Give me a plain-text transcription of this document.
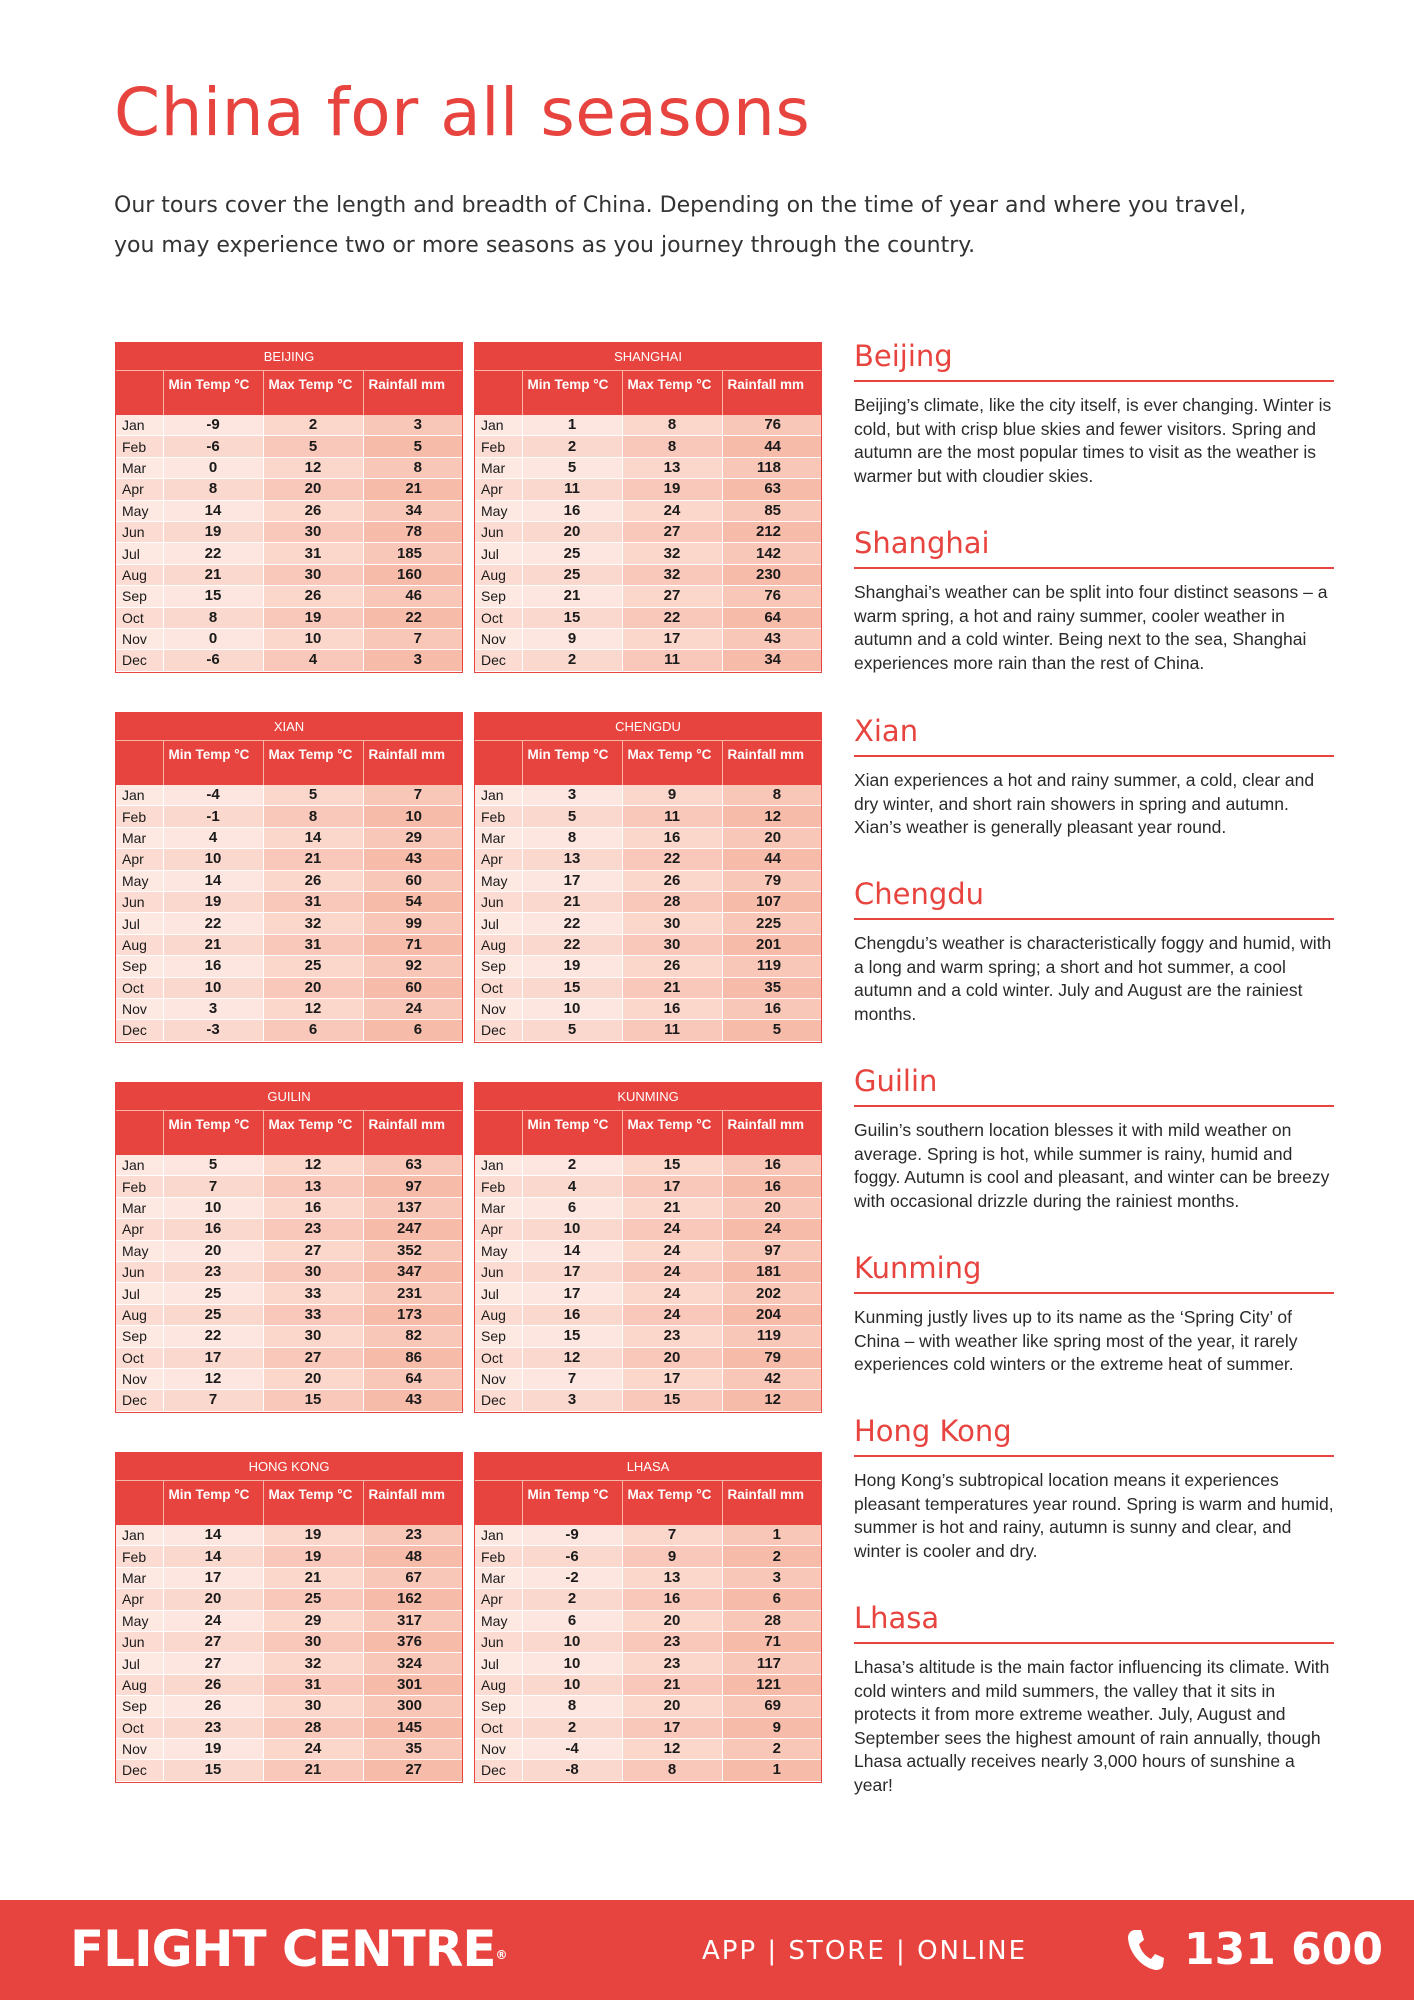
China for all seasons

Our tours cover the length and breadth of China. Depending on the time of year and where you travel, you may experience two or more seasons as you journey through the country.

BEIJING			
	Min Temp °C	Max Temp °C	Rainfall mm
Jan	-9	2	3
Feb	-6	5	5
Mar	0	12	8
Apr	8	20	21
May	14	26	34
Jun	19	30	78
Jul	22	31	185
Aug	21	30	160
Sep	15	26	46
Oct	8	19	22
Nov	0	10	7
Dec	-6	4	3
SHANGHAI			
	Min Temp °C	Max Temp °C	Rainfall mm
Jan	1	8	76
Feb	2	8	44
Mar	5	13	118
Apr	11	19	63
May	16	24	85
Jun	20	27	212
Jul	25	32	142
Aug	25	32	230
Sep	21	27	76
Oct	15	22	64
Nov	9	17	43
Dec	2	11	34
XIAN			
	Min Temp °C	Max Temp °C	Rainfall mm
Jan	-4	5	7
Feb	-1	8	10
Mar	4	14	29
Apr	10	21	43
May	14	26	60
Jun	19	31	54
Jul	22	32	99
Aug	21	31	71
Sep	16	25	92
Oct	10	20	60
Nov	3	12	24
Dec	-3	6	6
CHENGDU			
	Min Temp °C	Max Temp °C	Rainfall mm
Jan	3	9	8
Feb	5	11	12
Mar	8	16	20
Apr	13	22	44
May	17	26	79
Jun	21	28	107
Jul	22	30	225
Aug	22	30	201
Sep	19	26	119
Oct	15	21	35
Nov	10	16	16
Dec	5	11	5
GUILIN			
	Min Temp °C	Max Temp °C	Rainfall mm
Jan	5	12	63
Feb	7	13	97
Mar	10	16	137
Apr	16	23	247
May	20	27	352
Jun	23	30	347
Jul	25	33	231
Aug	25	33	173
Sep	22	30	82
Oct	17	27	86
Nov	12	20	64
Dec	7	15	43
KUNMING			
	Min Temp °C	Max Temp °C	Rainfall mm
Jan	2	15	16
Feb	4	17	16
Mar	6	21	20
Apr	10	24	24
May	14	24	97
Jun	17	24	181
Jul	17	24	202
Aug	16	24	204
Sep	15	23	119
Oct	12	20	79
Nov	7	17	42
Dec	3	15	12
HONG KONG			
	Min Temp °C	Max Temp °C	Rainfall mm
Jan	14	19	23
Feb	14	19	48
Mar	17	21	67
Apr	20	25	162
May	24	29	317
Jun	27	30	376
Jul	27	32	324
Aug	26	31	301
Sep	26	30	300
Oct	23	28	145
Nov	19	24	35
Dec	15	21	27
LHASA			
	Min Temp °C	Max Temp °C	Rainfall mm
Jan	-9	7	1
Feb	-6	9	2
Mar	-2	13	3
Apr	2	16	6
May	6	20	28
Jun	10	23	71
Jul	10	23	117
Aug	10	21	121
Sep	8	20	69
Oct	2	17	9
Nov	-4	12	2
Dec	-8	8	1
Beijing

Beijing’s climate, like the city itself, is ever changing. Winter is cold, but with crisp blue skies and fewer visitors. Spring and autumn are the most popular times to visit as the weather is warmer but with cloudier skies.

Shanghai

Shanghai’s weather can be split into four distinct seasons – a warm spring, a hot and rainy summer, cooler weather in autumn and a cold winter. Being next to the sea, Shanghai experiences more rain than the rest of China.

Xian

Xian experiences a hot and rainy summer, a cold, clear and dry winter, and short rain showers in spring and autumn. Xian’s weather is generally pleasant year round.

Chengdu

Chengdu’s weather is characteristically foggy and humid, with a long and warm spring; a short and hot summer, a cool autumn and a cold winter. July and August are the rainiest months.

Guilin

Guilin’s southern location blesses it with mild weather on average. Spring is hot, while summer is rainy, humid and foggy. Autumn is cool and pleasant, and winter can be breezy with occasional drizzle during the rainiest months.

Kunming

Kunming justly lives up to its name as the ‘Spring City’ of China – with weather like spring most of the year, it rarely experiences cold winters or the extreme heat of summer.

Hong Kong

Hong Kong’s subtropical location means it experiences pleasant temperatures year round. Spring is warm and humid, summer is hot and rainy, autumn is sunny and clear, and winter is cooler and dry.

Lhasa

Lhasa’s altitude is the main factor influencing its climate. With cold winters and mild summers, the valley that it sits in protects it from more extreme weather. July, August and September sees the highest amount of rain annually, though Lhasa actually receives nearly 3,000 hours of sunshine a year!

FLIGHT CENTRE®	APP | STORE | ONLINE	131 600
